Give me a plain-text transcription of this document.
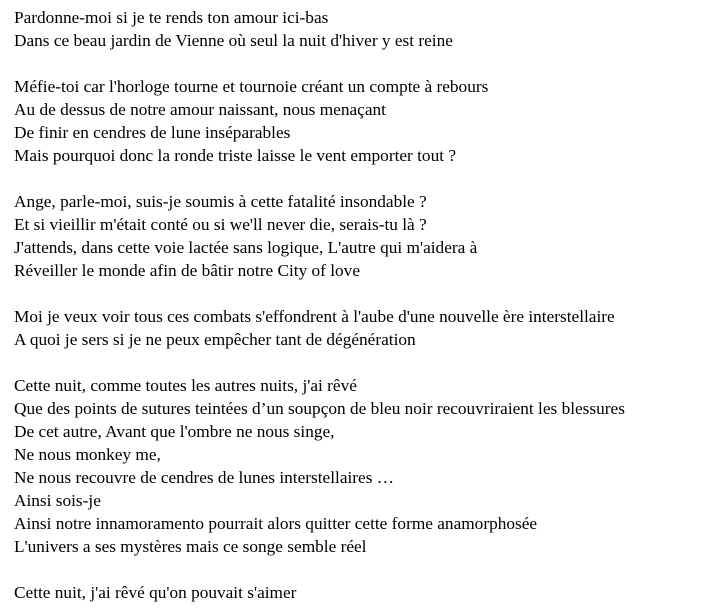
Pardonne-moi si je te rends ton amour ici-bas
Dans ce beau jardin de Vienne où seul la nuit d'hiver y est reine
Méfie-toi car l'horloge tourne et tournoie créant un compte à rebours
Au de dessus de notre amour naissant, nous menaçant
De finir en cendres de lune inséparables
Mais pourquoi donc la ronde triste laisse le vent emporter tout ?
Ange, parle-moi, suis-je soumis à cette fatalité insondable ?
Et si vieillir m'était conté ou si we'll never die, serais-tu là ?
J'attends, dans cette voie lactée sans logique, L'autre qui m'aidera à
Réveiller le monde afin de bâtir notre City of love
Moi je veux voir tous ces combats s'effondrent à l'aube d'une nouvelle ère interstellaire
A quoi je sers si je ne peux empêcher tant de dégénération
Cette nuit, comme toutes les autres nuits, j'ai rêvé
Que des points de sutures teintées d’un soupçon de bleu noir recouvriraient les blessures
De cet autre, Avant que l'ombre ne nous singe,
Ne nous monkey me,
Ne nous recouvre de cendres de lunes interstellaires …
Ainsi sois-je
Ainsi notre innamoramento pourrait alors quitter cette forme anamorphosée
L'univers a ses mystères mais ce songe semble réel
Cette nuit, j'ai rêvé qu'on pouvait s'aimer
